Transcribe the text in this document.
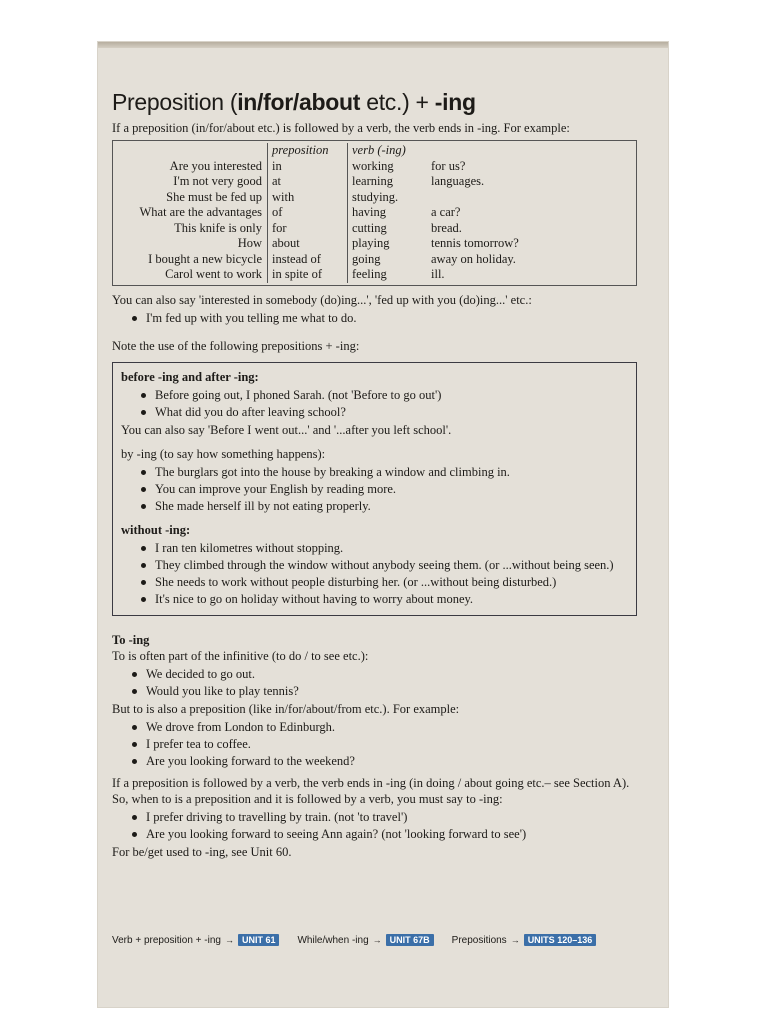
Preposition (in/for/about etc.) + -ing

If a preposition (in/for/about etc.) is followed by a verb, the verb ends in -ing. For example:

Are you interested
I'm not very good
She must be fed up
What are the advantages
This knife is only
How
I bought a new bicycle
Carol went to work
preposition
in
at
with
of
for
about
instead of
in spite of
verb (-ing)
working
learning
studying.
having
cutting
playing
going
feeling
for us?
languages.
a car?
bread.
tennis tomorrow?
away on holiday.
ill.

You can also say 'interested in somebody (do)ing...', 'fed up with you (do)ing...' etc.:

I'm fed up with you telling me what to do.

Note the use of the following prepositions + -ing:

before -ing and after -ing:

Before going out, I phoned Sarah. (not 'Before to go out')
What did you do after leaving school?

You can also say 'Before I went out...' and '...after you left school'.

by -ing (to say how something happens):

The burglars got into the house by breaking a window and climbing in.
You can improve your English by reading more.
She made herself ill by not eating properly.

without -ing:

I ran ten kilometres without stopping.
They climbed through the window without anybody seeing them. (or ...without being seen.)
She needs to work without people disturbing her. (or ...without being disturbed.)
It's nice to go on holiday without having to worry about money.

To -ing

To is often part of the infinitive (to do / to see etc.):

We decided to go out.
Would you like to play tennis?

But to is also a preposition (like in/for/about/from etc.). For example:

We drove from London to Edinburgh.
I prefer tea to coffee.
Are you looking forward to the weekend?

If a preposition is followed by a verb, the verb ends in -ing (in doing / about going etc.– see Section A). So, when to is a preposition and it is followed by a verb, you must say to -ing:

I prefer driving to travelling by train. (not 'to travel')
Are you looking forward to seeing Ann again? (not 'looking forward to see')

For be/get used to -ing, see Unit 60.

Verb + preposition + -ing → UNIT 61	While/when -ing → UNIT 67B	Prepositions → UNITS 120–136
